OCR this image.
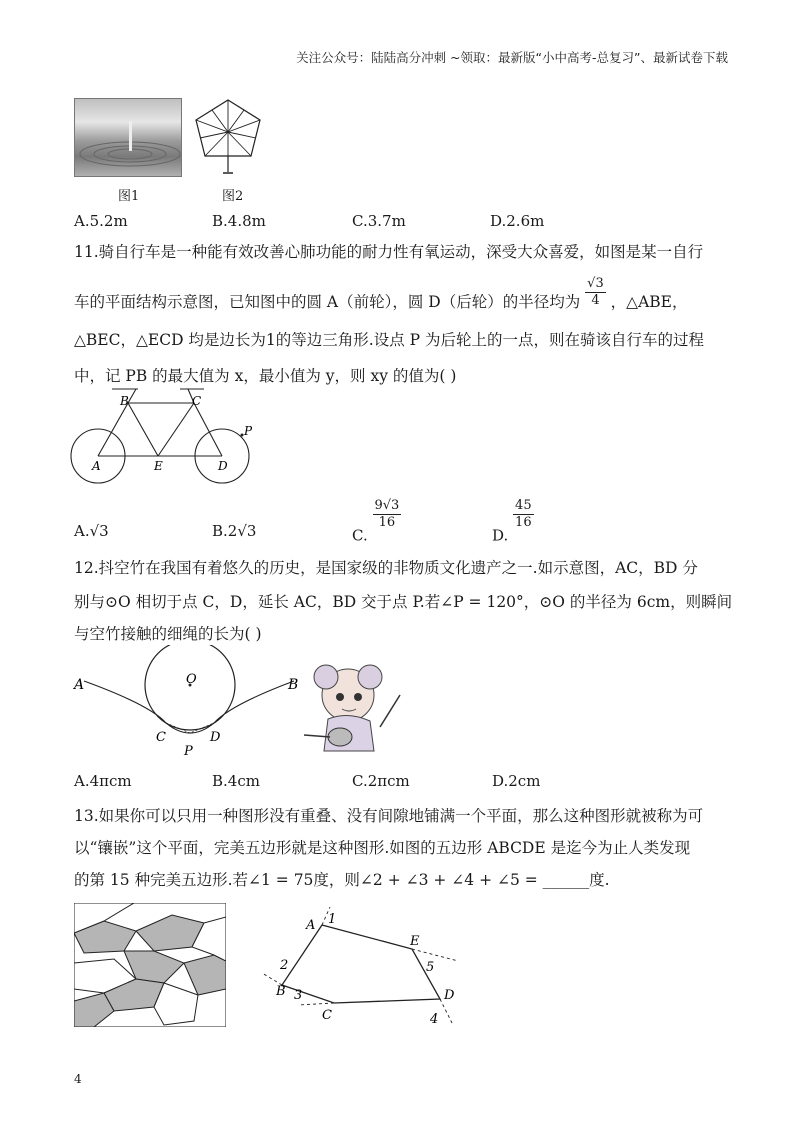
关注公众号：陆陆高分冲刺 ~领取：最新版“小中高考-总复习”、最新试卷下载
图1	图2
A.5.2m	B.4.8m	C.3.7m	D.2.6m
11.骑自行车是一种能有效改善心肺功能的耐力性有氧运动，深受大众喜爱，如图是某一自行
车的平面结构示意图，已知图中的圆 A（前轮），圆 D（后轮）的半径均为 $\frac{√3}{4}$ ，△ABE，
△BEC，△ECD 均是边长为1的等边三角形.设点 P 为后轮上的一点，则在骑该自行车的过程
中，记 PB 的最大值为 x，最小值为 y，则 xy 的值为( )
A
B	C
D
E
P
A.√3	B.2√3	C.
$\frac{9√3}{16}$
D.
$\frac{45}{16}$
12.抖空竹在我国有着悠久的历史，是国家级的非物质文化遗产之一.如示意图，AC，BD 分
别与⊙O 相切于点 C，D，延长 AC，BD 交于点 P.若∠P = 120°，⊙O 的半径为 6cm，则瞬间
与空竹接触的细绳的长为( )
O
A	B
C	D
P
A.4πcm	B.4cm	C.2πcm	D.2cm
13.如果你可以只用一种图形没有重叠、没有间隙地铺满一个平面，那么这种图形就被称为可
以“镶嵌”这个平面，完美五边形就是这种图形.如图的五边形 ABCDE 是迄今为止人类发现
的第 15 种完美五边形.若∠1 = 75度，则∠2 + ∠3 + ∠4 + ∠5 = ______度.
A
E
D
C
B
1
2
3
4
5
4
